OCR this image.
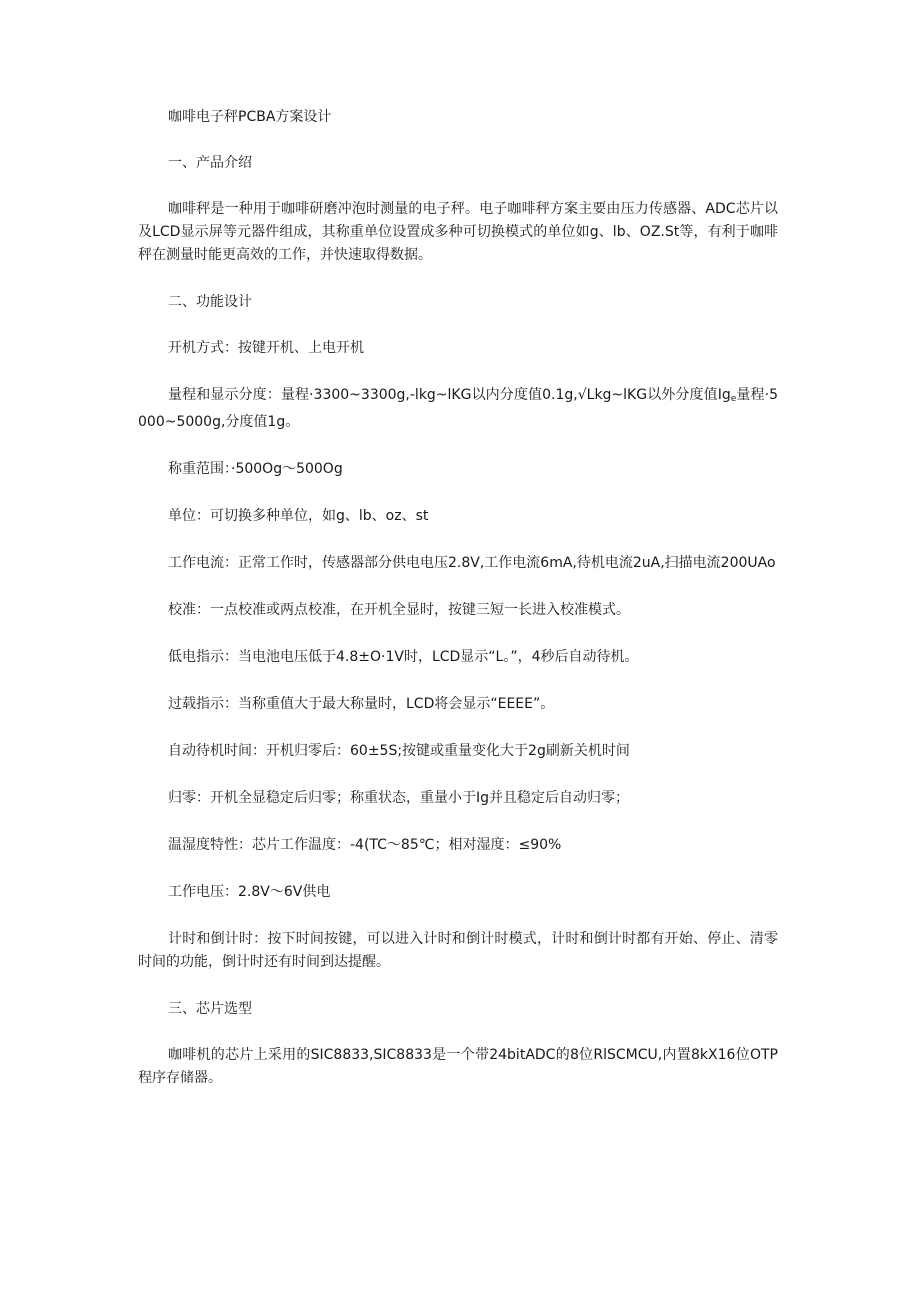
咖啡电子秤PCBA方案设计

一、产品介绍

咖啡秤是一种用于咖啡研磨冲泡时测量的电子秤。电子咖啡秤方案主要由压力传感器、ADC芯片以及LCD显示屏等元器件组成，其称重单位设置成多种可切换模式的单位如g、lb、OZ.St等，有利于咖啡秤在测量时能更高效的工作，并快速取得数据。

二、功能设计

开机方式：按键开机、上电开机

量程和显示分度：量程·3300~3300g,-lkg~lKG以内分度值0.1g,√Lkg~lKG以外分度值$Ig_e$量程·5000~5000g,分度值1g。

称重范围：·500Og～500Og

单位：可切换多种单位，如g、lb、oz、st

工作电流：正常工作时，传感器部分供电电压2.8V,工作电流6mA,待机电流2uA,扫描电流200UAo

校准：一点校准或两点校准，在开机全显时，按键三短一长进入校准模式。

低电指示：当电池电压低于4.8±O·1V时，LCD显示“L。”，4秒后自动待机。

过载指示：当称重值大于最大称量时，LCD将会显示“EEEE”。

自动待机时间：开机归零后：60±5S;按键或重量变化大于2g刷新关机时间

归零：开机全显稳定后归零；称重状态，重量小于Ig并且稳定后自动归零；

温湿度特性：芯片工作温度：-4(TC～85℃；相对湿度：≤90%

工作电压：2.8V～6V供电

计时和倒计时：按下时间按键，可以进入计时和倒计时模式，计时和倒计时都有开始、停止、清零时间的功能，倒计时还有时间到达提醒。

三、芯片选型

咖啡机的芯片上采用的SIC8833,SIC8833是一个带24bitADC的8位RlSCMCU,内置8kX16位OTP程序存储器。
